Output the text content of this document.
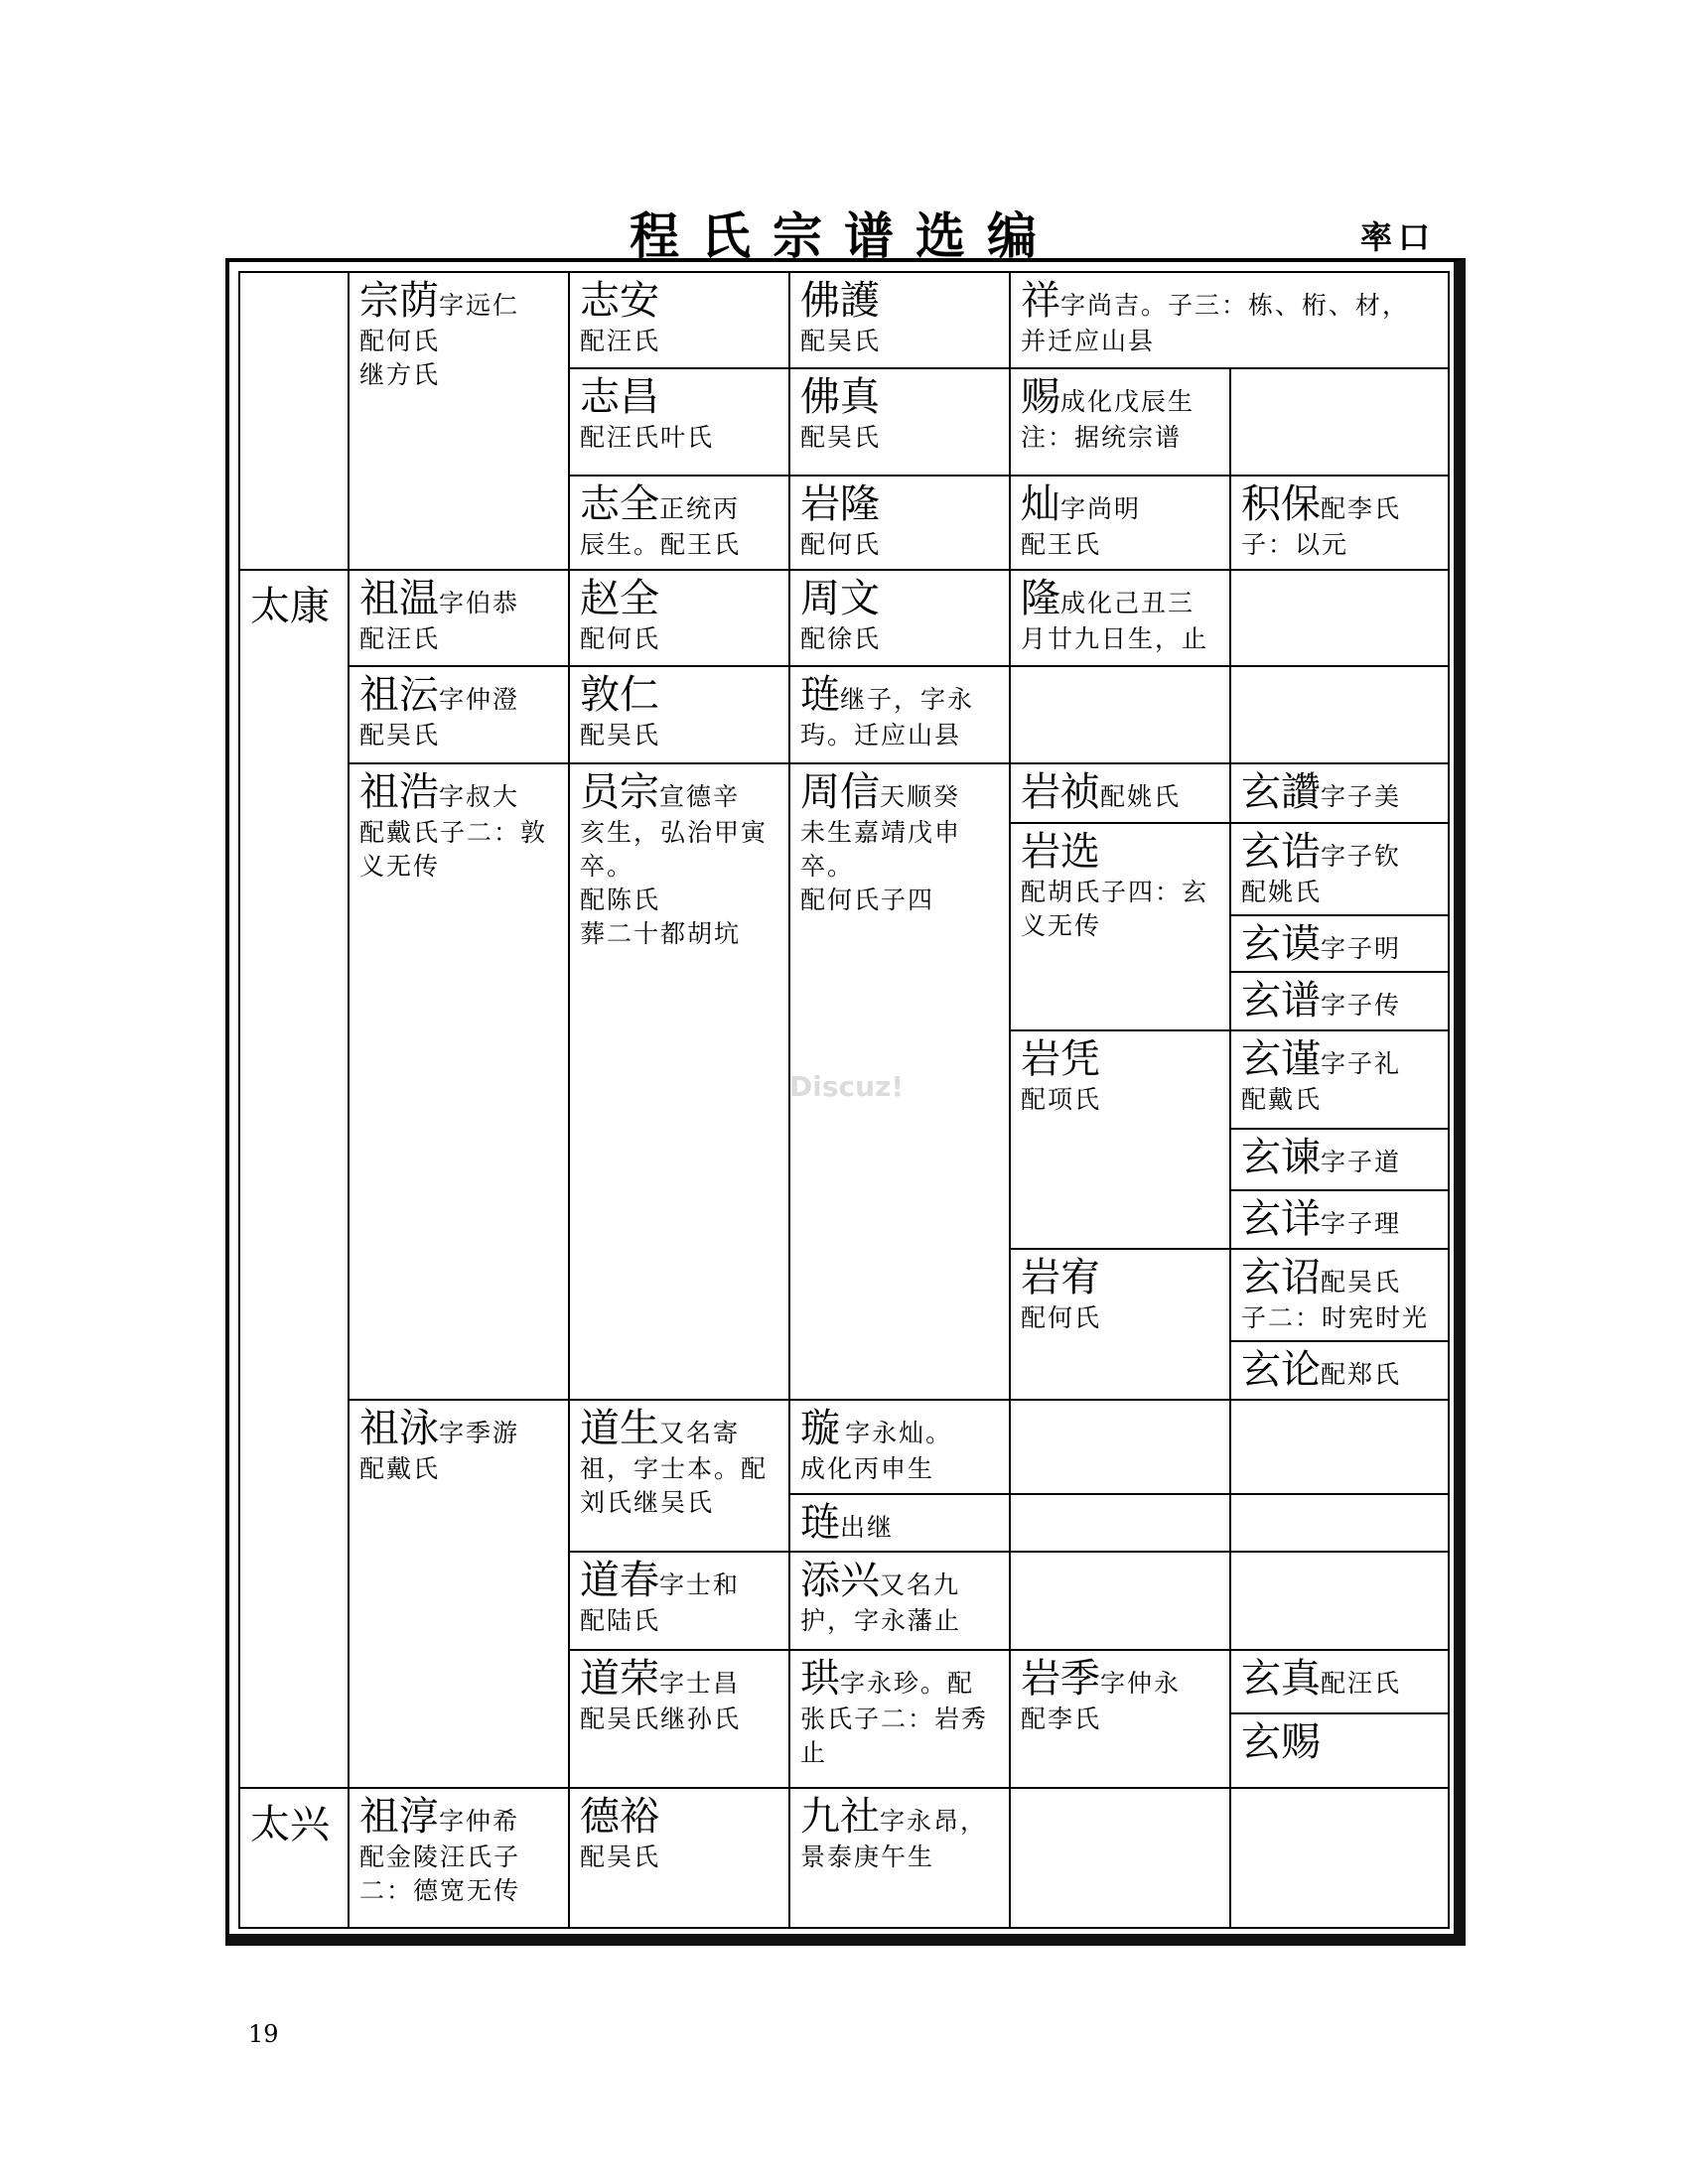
程氏宗谱选编	率口
太康
太兴
宗荫字远仁
配何氏
继方氏
志安
配汪氏
佛護
配吴氏
祥字尚吉。子三：栋、桁、材，
并迁应山县
志昌
配汪氏叶氏
佛真
配吴氏
赐成化戊辰生
注：据统宗谱
志全正统丙
辰生。配王氏
岩隆
配何氏
灿字尚明
配王氏
积保配李氏
子：以元
祖温字伯恭
配汪氏
赵全
配何氏
周文
配徐氏
隆成化己丑三
月廿九日生，止
祖沄字仲澄
配吴氏
敦仁
配吴氏
琏继子，字永
玙。迁应山县
祖浩字叔大
配戴氏子二：敦
义无传
员宗宣德辛
亥生，弘治甲寅
卒。
配陈氏
葬二十都胡坑
周信天顺癸
未生嘉靖戊申
卒。
配何氏子四
岩祯配姚氏	玄讚字子美
岩选
配胡氏子四：玄
义无传
玄诰字子钦
配姚氏
玄谟字子明
玄谱字子传
岩凭
配项氏
玄谨字子礼
配戴氏
玄谏字子道
玄详字子理
岩宥
配何氏
玄诏配吴氏
子二：时宪时光
玄论配郑氏
祖泳字季游
配戴氏
道生又名寄
祖，字士本。配
刘氏继吴氏
璇 字永灿。
成化丙申生
琏出继
道春字士和
配陆氏
添兴又名九
护，字永藩止
道荣字士昌
配吴氏继孙氏
珙字永珍。配
张氏子二：岩秀
止
岩季字仲永
配李氏
玄真配汪氏
玄赐
祖淳字仲希
配金陵汪氏子
二：德宽无传
德裕
配吴氏
九社字永昂，
景泰庚午生
Discuz!
19
